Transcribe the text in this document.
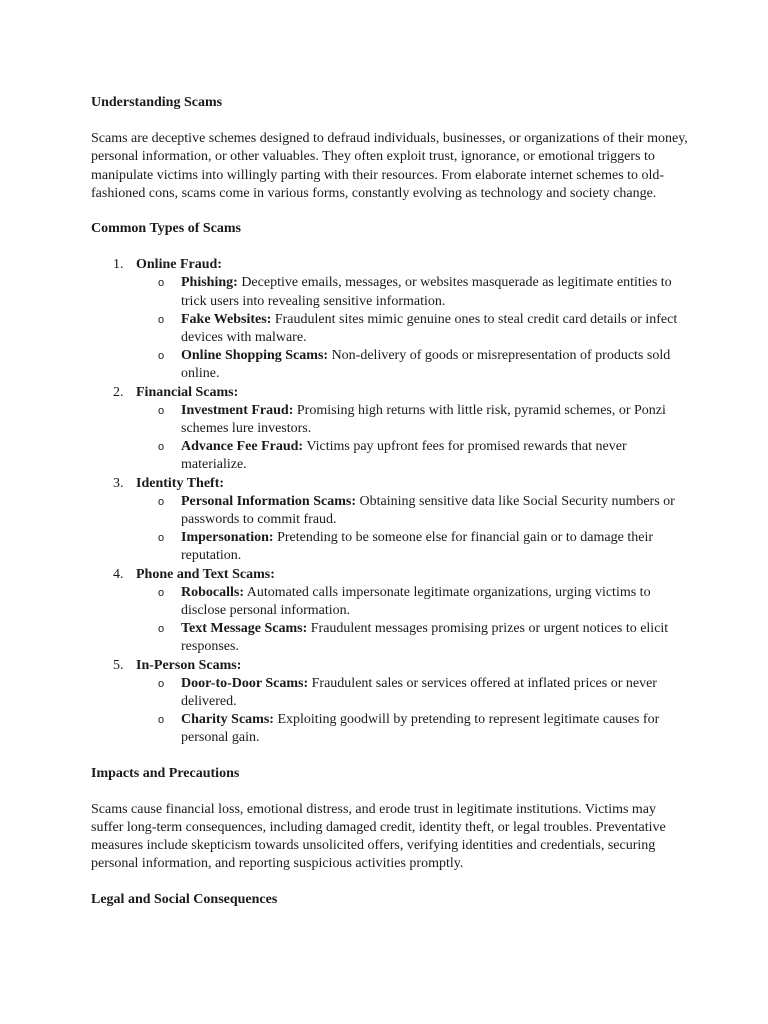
Understanding Scams

Scams are deceptive schemes designed to defraud individuals, businesses, or organizations of their money, personal information, or other valuables. They often exploit trust, ignorance, or emotional triggers to manipulate victims into willingly parting with their resources. From elaborate internet schemes to old-fashioned cons, scams come in various forms, constantly evolving as technology and society change.

Common Types of Scams
1. Online Fraud:
o Phishing: Deceptive emails, messages, or websites masquerade as legitimate entities to trick users into revealing sensitive information.
o Fake Websites: Fraudulent sites mimic genuine ones to steal credit card details or infect devices with malware.
o Online Shopping Scams: Non-delivery of goods or misrepresentation of products sold online.
2. Financial Scams:
o Investment Fraud: Promising high returns with little risk, pyramid schemes, or Ponzi schemes lure investors.
o Advance Fee Fraud: Victims pay upfront fees for promised rewards that never materialize.
3. Identity Theft:
o Personal Information Scams: Obtaining sensitive data like Social Security numbers or passwords to commit fraud.
o Impersonation: Pretending to be someone else for financial gain or to damage their reputation.
4. Phone and Text Scams:
o Robocalls: Automated calls impersonate legitimate organizations, urging victims to disclose personal information.
o Text Message Scams: Fraudulent messages promising prizes or urgent notices to elicit responses.
5. In-Person Scams:
o Door-to-Door Scams: Fraudulent sales or services offered at inflated prices or never delivered.
o Charity Scams: Exploiting goodwill by pretending to represent legitimate causes for personal gain.
Impacts and Precautions

Scams cause financial loss, emotional distress, and erode trust in legitimate institutions. Victims may suffer long-term consequences, including damaged credit, identity theft, or legal troubles. Preventative measures include skepticism towards unsolicited offers, verifying identities and credentials, securing personal information, and reporting suspicious activities promptly.

Legal and Social Consequences
